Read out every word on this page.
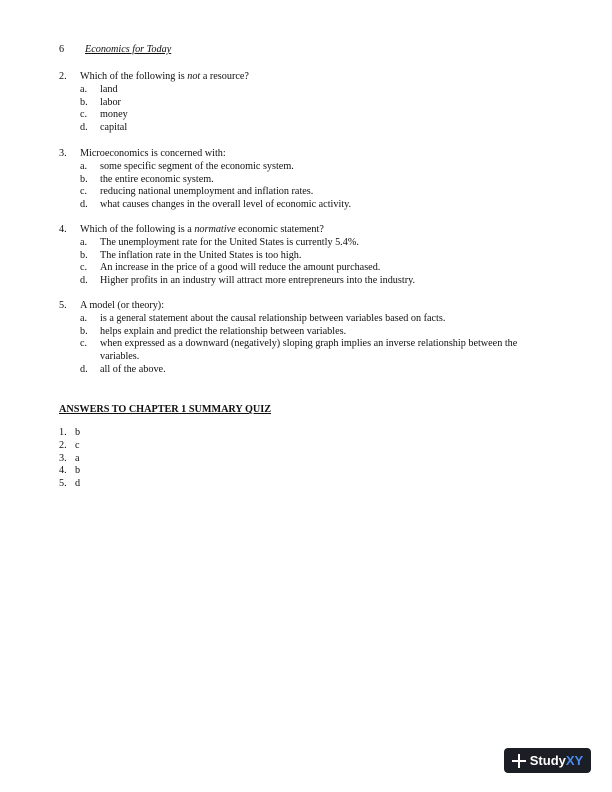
6 Economics for Today
2. Which of the following is not a resource?
a. land
b. labor
c. money
d. capital
3. Microeconomics is concerned with:
a. some specific segment of the economic system.
b. the entire economic system.
c. reducing national unemployment and inflation rates.
d. what causes changes in the overall level of economic activity.
4. Which of the following is a normative economic statement?
a. The unemployment rate for the United States is currently 5.4%.
b. The inflation rate in the United States is too high.
c. An increase in the price of a good will reduce the amount purchased.
d. Higher profits in an industry will attract more entrepreneurs into the industry.
5. A model (or theory):
a. is a general statement about the causal relationship between variables based on facts.
b. helps explain and predict the relationship between variables.
c. when expressed as a downward (negatively) sloping graph implies an inverse relationship between the variables.
d. all of the above.
ANSWERS TO CHAPTER 1 SUMMARY QUIZ
1. b
2. c
3. a
4. b
5. d
StudyXY
